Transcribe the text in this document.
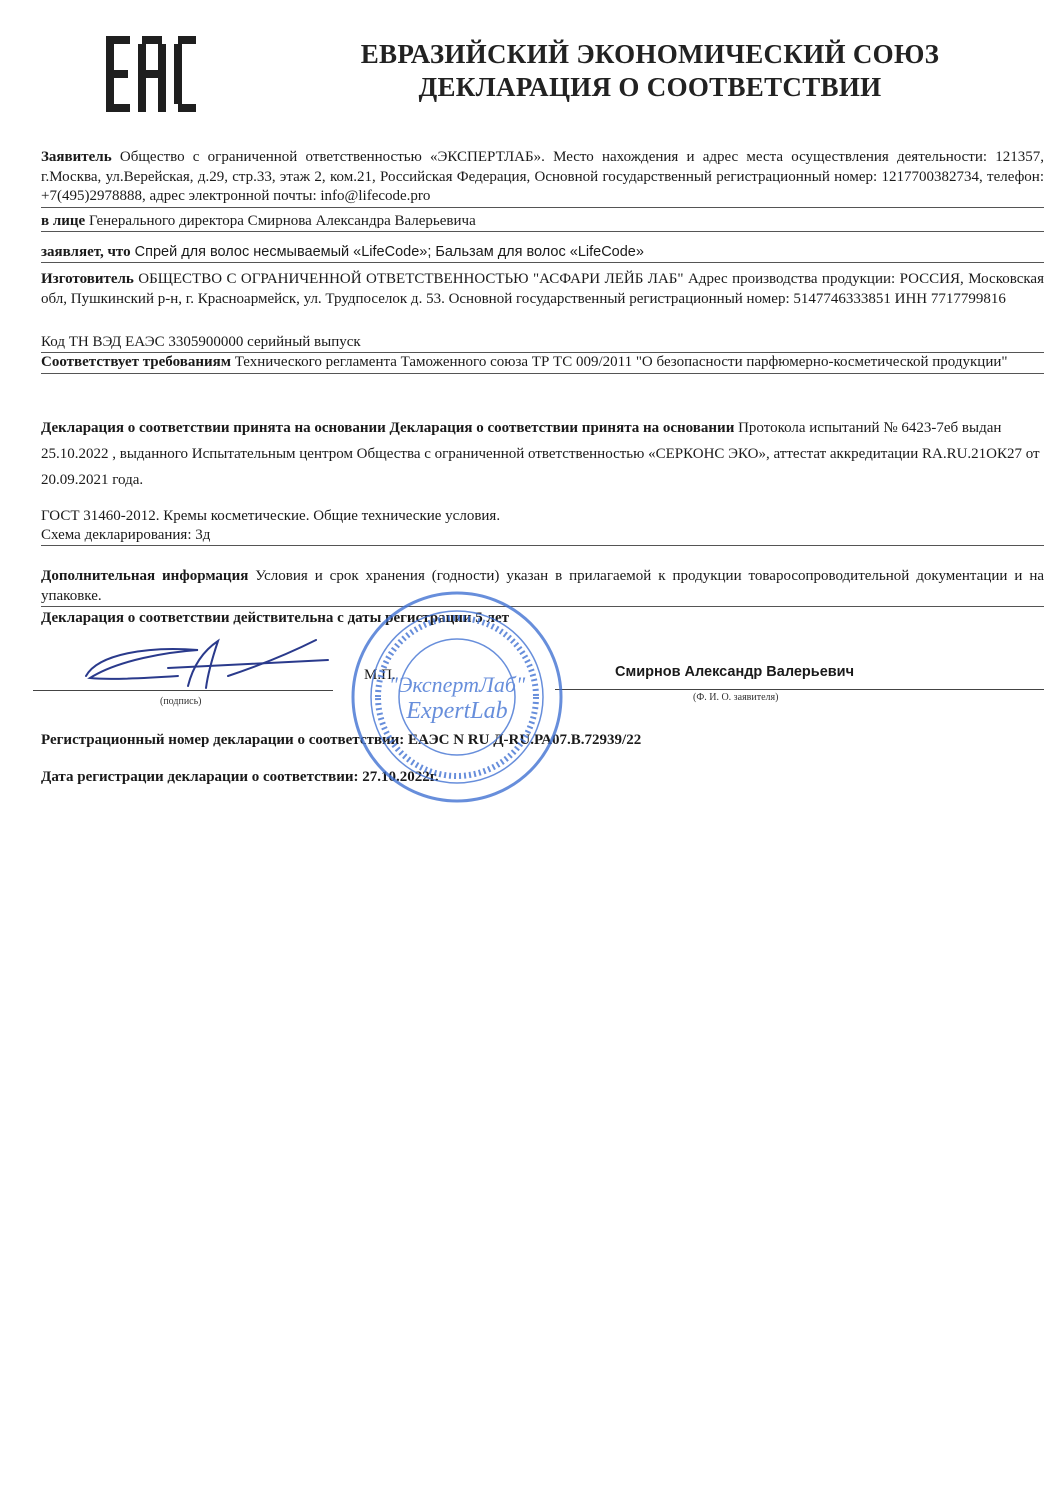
ЕВРАЗИЙСКИЙ ЭКОНОМИЧЕСКИЙ СОЮЗ
ДЕКЛАРАЦИЯ О СООТВЕТСТВИИ
Заявитель Общество с ограниченной ответственностью «ЭКСПЕРТЛАБ». Место нахождения и адрес места осуществления деятельности: 121357, г.Москва, ул.Верейская, д.29, стр.33, этаж 2, ком.21, Российская Федерация, Основной государственный регистрационный номер: 1217700382734, телефон: +7(495)2978888, адрес электронной почты: info@lifecode.pro
в лице Генерального директора Смирнова Александра Валерьевича
заявляет, что Спрей для волос несмываемый «LifeCode»; Бальзам для волос «LifeCode»
Изготовитель ОБЩЕСТВО С ОГРАНИЧЕННОЙ ОТВЕТСТВЕННОСТЬЮ "АСФАРИ ЛЕЙБ ЛАБ" Адрес производства продукции: РОССИЯ, Московская обл, Пушкинский р-н, г. Красноармейск, ул. Трудпоселок д. 53. Основной государственный регистрационный номер: 5147746333851 ИНН 7717799816
Код ТН ВЭД ЕАЭС 3305900000 серийный выпуск
Соответствует требованиям Технического регламента Таможенного союза ТР ТС 009/2011 "О безопасности парфюмерно-косметической продукции"
Декларация о соответствии принята на основании Декларация о соответствии принята на основании Протокола испытаний № 6423-7еб выдан 25.10.2022 , выданного Испытательным центром Общества с ограниченной ответственностью «СЕРКОНС ЭКО», аттестат аккредитации RA.RU.21ОК27 от 20.09.2021 года.
ГОСТ 31460-2012. Кремы косметические. Общие технические условия.
Схема декларирования: 3д
Дополнительная информация Условия и срок хранения (годности) указан в прилагаемой к продукции товаросопроводительной документации и на упаковке.
Декларация о соответствии действительна с даты регистрации 5 лет
(подпись)
М.П.	Смирнов Александр Валерьевич
(Ф. И. О. заявителя)
Регистрационный номер декларации о соответствии: ЕАЭС N RU Д-RU.РА07.В.72939/22
Дата регистрации декларации о соответствии: 27.10.2022г.
"ЭкспертЛаб"
ExpertLab
